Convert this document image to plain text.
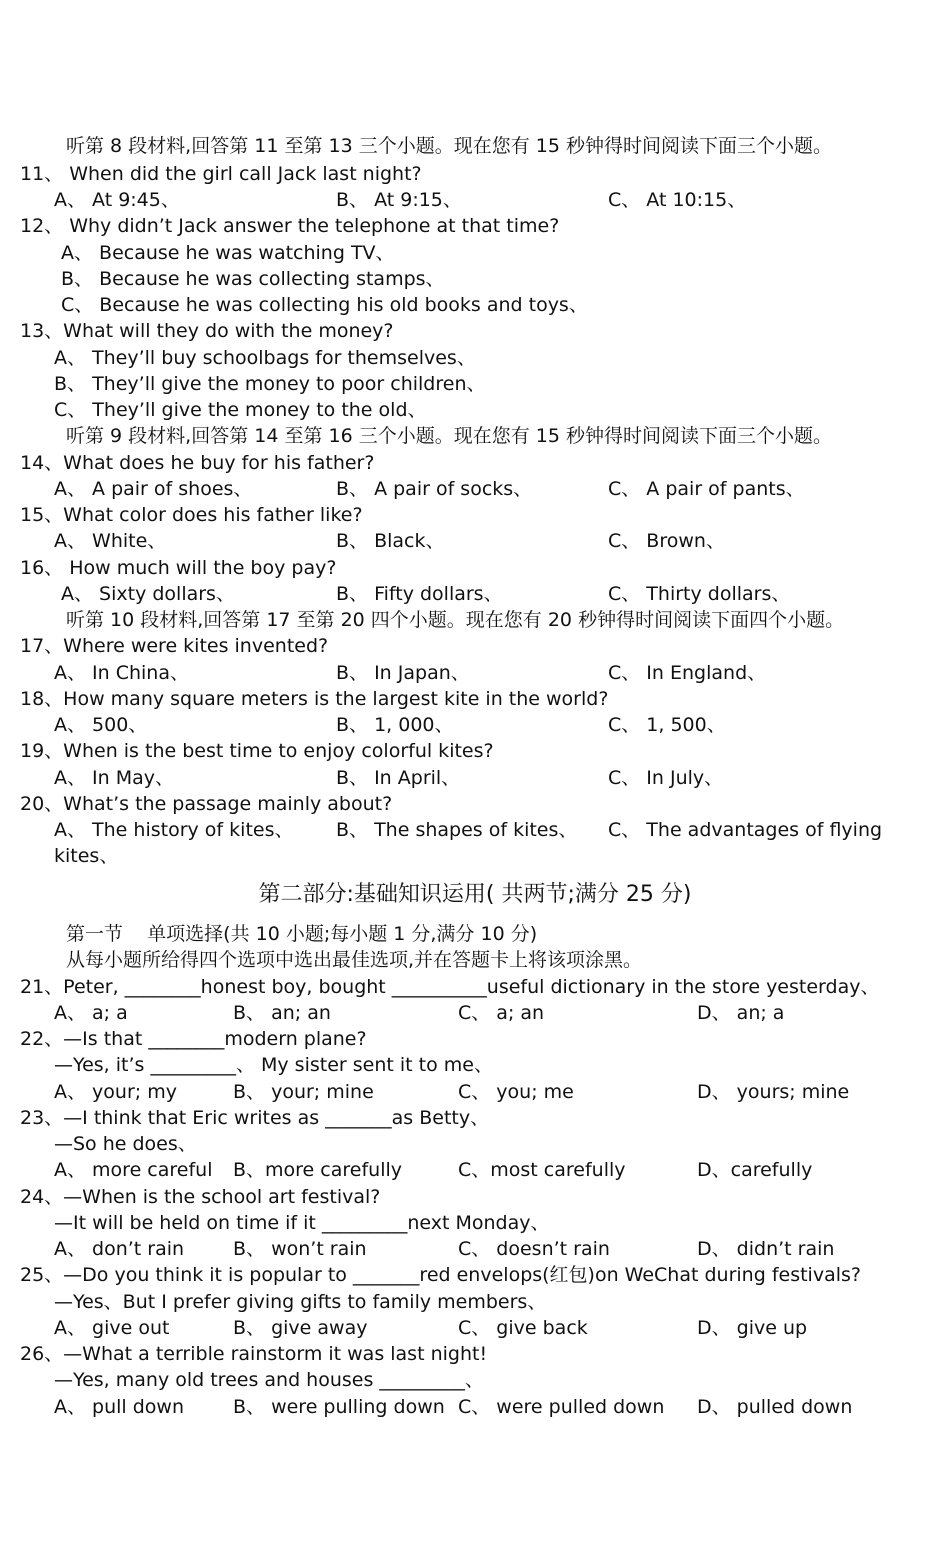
听第 8 段材料,回答第 11 至第 13 三个小题。现在您有 15 秒钟得时间阅读下面三个小题。
11、 When did the girl call Jack last night?

A、 At 9:45、

	B、 At 9:15、

	C、 At 10:15、

12、 Why didn’t Jack answer the telephone at that time?
A、 Because he was watching TV、
B、 Because he was collecting stamps、
C、 Because he was collecting his old books and toys、
13、What will they do with the money?
A、 They’ll buy schoolbags for themselves、
B、 They’ll give the money to poor children、
C、 They’ll give the money to the old、
听第 9 段材料,回答第 14 至第 16 三个小题。现在您有 15 秒钟得时间阅读下面三个小题。
14、What does he buy for his father?

A、 A pair of shoes、

	B、 A pair of socks、

	C、 A pair of pants、

15、What color does his father like?

A、 White、

	B、 Black、

	C、 Brown、

16、 How much will the boy pay?

A、 Sixty dollars、

	B、 Fifty dollars、

	C、 Thirty dollars、

听第 10 段材料,回答第 17 至第 20 四个小题。现在您有 20 秒钟得时间阅读下面四个小题。
17、Where were kites invented?

A、 In China、

	B、 In Japan、

	C、 In England、

18、How many square meters is the largest kite in the world?

A、 500、

	B、 1, 000、

	C、 1, 500、

19、When is the best time to enjoy colorful kites?

A、 In May、

	B、 In April、

	C、 In July、

20、What’s the passage mainly about?

A、 The history of kites、

B、 The shapes of kites、

C、 The advantages of flying

kites、
第二部分:基础知识运用( 共两节;满分 25 分)
第一节    单项选择(共 10 小题;每小题 1 分,满分 10 分)
从每小题所给得四个选项中选出最佳选项,并在答题卡上将该项涂黑。
21、Peter, ________honest boy, bought __________useful dictionary in the store yesterday、

A、 a; a

	B、 an; an

	C、 a; an

	D、 an; a

22、—Is that ________modern plane?
—Yes, it’s _________、 My sister sent it to me、

A、 your; my

	B、 your; mine

	C、 you; me

	D、 yours; mine

23、—I think that Eric writes as _______as Betty、
—So he does、

A、 more careful

B、more carefully

	C、most carefully

	D、carefully

24、—When is the school art festival?
—It will be held on time if it _________next Monday、

A、 don’t rain

	B、 won’t rain

	C、 doesn’t rain

	D、 didn’t rain

25、—Do you think it is popular to _______red envelops(红包)on WeChat during festivals?
—Yes、But I prefer giving gifts to family members、

A、 give out

	B、 give away

	C、 give back

	D、 give up

26、—What a terrible rainstorm it was last night!
—Yes, many old trees and houses _________、

A、 pull down

	B、 were pulling down

C、 were pulled down

D、 pulled down
